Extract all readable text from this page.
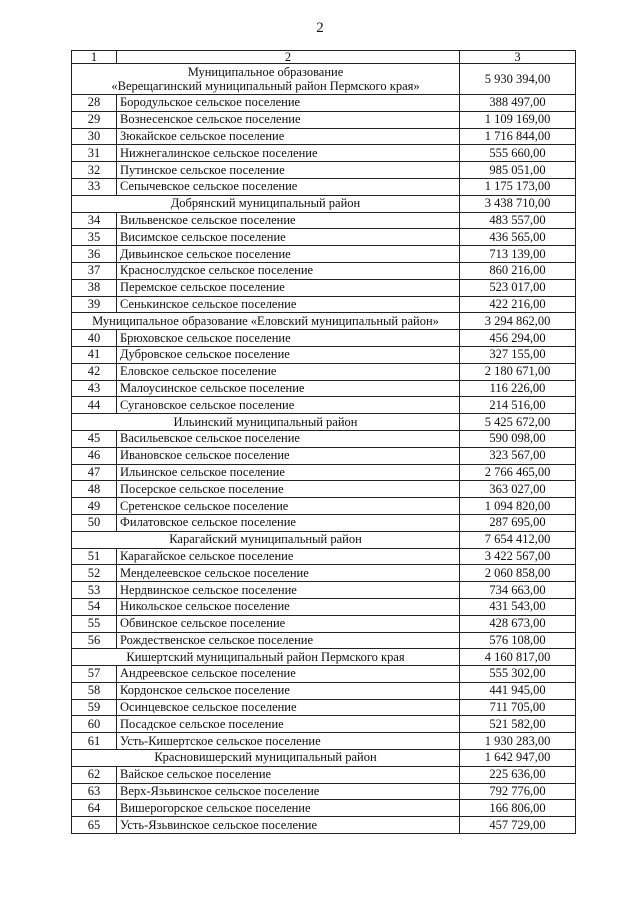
2
1	2	3
Муниципальное образование
«Верещагинский муниципальный район Пермского края»		5 930 394,00
28	Бородульское сельское поселение	388 497,00
29	Вознесенское сельское поселение	1 109 169,00
30	Зюкайское сельское поселение	1 716 844,00
31	Нижнегалинское сельское поселение	555 660,00
32	Путинское сельское поселение	985 051,00
33	Сепычевское сельское поселение	1 175 173,00
Добрянский муниципальный район		3 438 710,00
34	Вильвенское сельское поселение	483 557,00
35	Висимское сельское поселение	436 565,00
36	Дивьинское сельское поселение	713 139,00
37	Краснослудское сельское поселение	860 216,00
38	Перемское сельское поселение	523 017,00
39	Сенькинское сельское поселение	422 216,00
Муниципальное образование «Еловский муниципальный район»		3 294 862,00
40	Брюховское сельское поселение	456 294,00
41	Дубровское сельское поселение	327 155,00
42	Еловское сельское поселение	2 180 671,00
43	Малоусинское сельское поселение	116 226,00
44	Сугановское сельское поселение	214 516,00
Ильинский муниципальный район		5 425 672,00
45	Васильевское сельское поселение	590 098,00
46	Ивановское сельское поселение	323 567,00
47	Ильинское сельское поселение	2 766 465,00
48	Посерское сельское поселение	363 027,00
49	Сретенское сельское поселение	1 094 820,00
50	Филатовское сельское поселение	287 695,00
Карагайский муниципальный район		7 654 412,00
51	Карагайское сельское поселение	3 422 567,00
52	Менделеевское сельское поселение	2 060 858,00
53	Нердвинское сельское поселение	734 663,00
54	Никольское сельское поселение	431 543,00
55	Обвинское сельское поселение	428 673,00
56	Рождественское сельское поселение	576 108,00
Кишертский муниципальный район Пермского края		4 160 817,00
57	Андреевское сельское поселение	555 302,00
58	Кордонское сельское поселение	441 945,00
59	Осинцевское сельское поселение	711 705,00
60	Посадское сельское поселение	521 582,00
61	Усть-Кишертское сельское поселение	1 930 283,00
Красновишерский муниципальный район		1 642 947,00
62	Вайское сельское поселение	225 636,00
63	Верх-Язьвинское сельское поселение	792 776,00
64	Вишерогорское сельское поселение	166 806,00
65	Усть-Язьвинское сельское поселение	457 729,00
